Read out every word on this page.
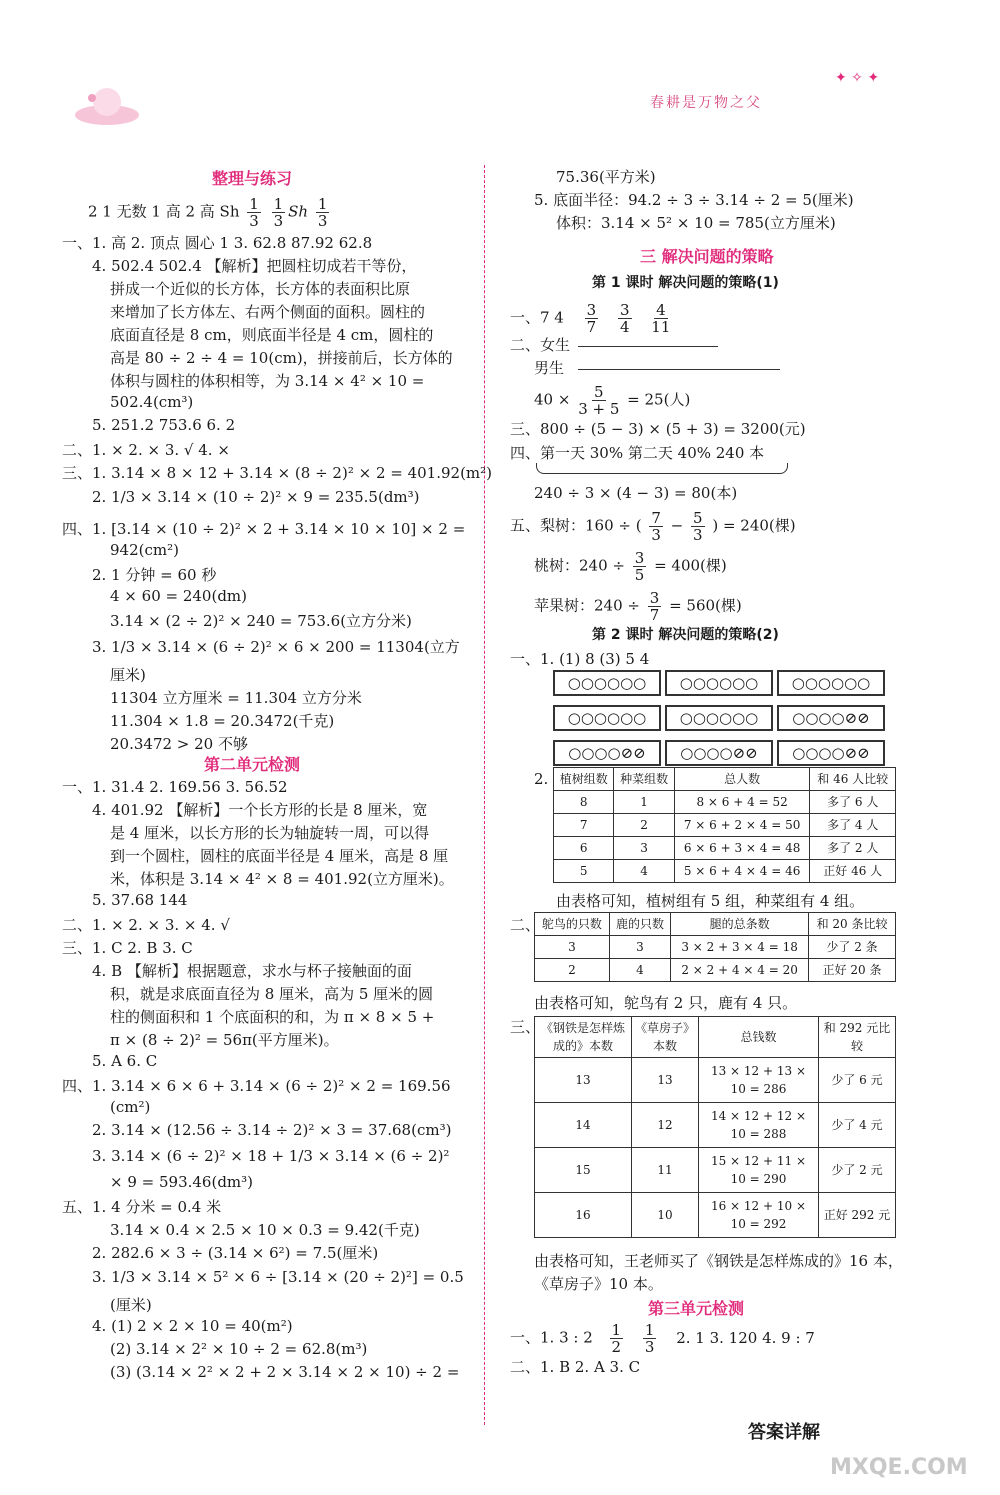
春耕是万物之父
✦ ✧ ✦
整理与练习
2 1 无数 1 高 2 高 Sh $\frac{1}{3}$
$\frac{1}{3}$ Sh $\frac{1}{3}$
一、1. 高 2. 顶点 圆心 1 3. 62.8 87.92 62.8
4. 502.4 502.4 【解析】把圆柱切成若干等份，
拼成一个近似的长方体，长方体的表面积比原
来增加了长方体左、右两个侧面的面积。圆柱的
底面直径是 8 cm，则底面半径是 4 cm，圆柱的
高是 80 ÷ 2 ÷ 4 = 10(cm)，拼接前后，长方体的
体积与圆柱的体积相等，为 3.14 × 4² × 10 =
502.4(cm³)
5. 251.2 753.6 6. 2
二、1. × 2. × 3. √ 4. ×
三、1. 3.14 × 8 × 12 + 3.14 × (8 ÷ 2)² × 2 = 401.92(m²)
2. 1/3 × 3.14 × (10 ÷ 2)² × 9 = 235.5(dm³)
四、1. [3.14 × (10 ÷ 2)² × 2 + 3.14 × 10 × 10] × 2 =
942(cm²)
2. 1 分钟 = 60 秒
4 × 60 = 240(dm)
3.14 × (2 ÷ 2)² × 240 = 753.6(立方分米)
3. 1/3 × 3.14 × (6 ÷ 2)² × 6 × 200 = 11304(立方
厘米)
11304 立方厘米 = 11.304 立方分米
11.304 × 1.8 = 20.3472(千克)
20.3472 > 20 不够
第二单元检测
一、1. 31.4 2. 169.56 3. 56.52
4. 401.92 【解析】一个长方形的长是 8 厘米，宽
是 4 厘米，以长方形的长为轴旋转一周，可以得
到一个圆柱，圆柱的底面半径是 4 厘米，高是 8 厘
米，体积是 3.14 × 4² × 8 = 401.92(立方厘米)。
5. 37.68 144
二、1. × 2. × 3. × 4. √
三、1. C 2. B 3. C
4. B 【解析】根据题意，求水与杯子接触面的面
积，就是求底面直径为 8 厘米，高为 5 厘米的圆
柱的侧面积和 1 个底面积的和，为 π × 8 × 5 +
π × (8 ÷ 2)² = 56π(平方厘米)。
5. A 6. C
四、1. 3.14 × 6 × 6 + 3.14 × (6 ÷ 2)² × 2 = 169.56
(cm²)
2. 3.14 × (12.56 ÷ 3.14 ÷ 2)² × 3 = 37.68(cm³)
3. 3.14 × (6 ÷ 2)² × 18 + 1/3 × 3.14 × (6 ÷ 2)²
× 9 = 593.46(dm³)
五、1. 4 分米 = 0.4 米
3.14 × 0.4 × 2.5 × 10 × 0.3 = 9.42(千克)
2. 282.6 × 3 ÷ (3.14 × 6²) = 7.5(厘米)
3. 1/3 × 3.14 × 5² × 6 ÷ [3.14 × (20 ÷ 2)²] = 0.5
(厘米)
4. (1) 2 × 2 × 10 = 40(m²)
(2) 3.14 × 2² × 10 ÷ 2 = 62.8(m³)
(3) (3.14 × 2² × 2 + 2 × 3.14 × 2 × 10) ÷ 2 =
75.36(平方米)
5. 底面半径：94.2 ÷ 3 ÷ 3.14 ÷ 2 = 5(厘米)
体积：3.14 × 5² × 10 = 785(立方厘米)
三 解决问题的策略
第 1 课时 解决问题的策略(1)
一、7 $4 \frac{3}{7}$
$\frac{3}{4}$
$\frac{4}{11}$
二、女生
男生
$40 \times \frac{5}{3 + 5} = 25$(人)
三、800 ÷ (5 − 3) × (5 + 3) = 3200(元)
四、第一天 30% 第二天 40% 240 本
240 ÷ 3 × (4 − 3) = 80(本)
五、梨树：160 ÷ ( $\frac{7}{3} - \frac{5}{3}$ ) = 240(棵)
桃树：$240 \div \frac{3}{5} = 400$(棵)
苹果树：$240 \div \frac{3}{7} = 560$(棵)
第 2 课时 解决问题的策略(2)
一、1. (1) 8 (3) 5 4
○○○○○○	○○○○○○	○○○○○○
○○○○○○	○○○○○○	○○○○⊘⊘
○○○○⊘⊘	○○○○⊘⊘	○○○○⊘⊘
2. 植树组数	种菜组数	总人数	和 46 人比较
8	1	8 × 6 + 4 = 52	多了 6 人
7	2	7 × 6 + 2 × 4 = 50	多了 4 人
6	3	6 × 6 + 3 × 4 = 48	多了 2 人
5	4	5 × 6 + 4 × 4 = 46	正好 46 人
由表格可知，植树组有 5 组，种菜组有 4 组。
二、 鸵鸟的只数	鹿的只数	腿的总条数	和 20 条比较
3	3	3 × 2 + 3 × 4 = 18	少了 2 条
2	4	2 × 2 + 4 × 4 = 20	正好 20 条
由表格可知，鸵鸟有 2 只，鹿有 4 只。
三、 《钢铁是怎样炼成的》本数	《草房子》本数	总钱数	和 292 元比较
13	13	13 × 12 + 13 × 10 = 286	少了 6 元
14	12	14 × 12 + 12 × 10 = 288	少了 4 元
15	11	15 × 12 + 11 × 10 = 290	少了 2 元
16	10	16 × 12 + 10 × 10 = 292	正好 292 元
由表格可知，王老师买了《钢铁是怎样炼成的》16 本，
《草房子》10 本。
第三单元检测
一、1. 3 : $2 \frac{1}{2}$
$\frac{1}{3} 2$. 1 3. 120 4. 9 : 7
二、1. B 2. A 3. C
答案详解
MXQE.COM
